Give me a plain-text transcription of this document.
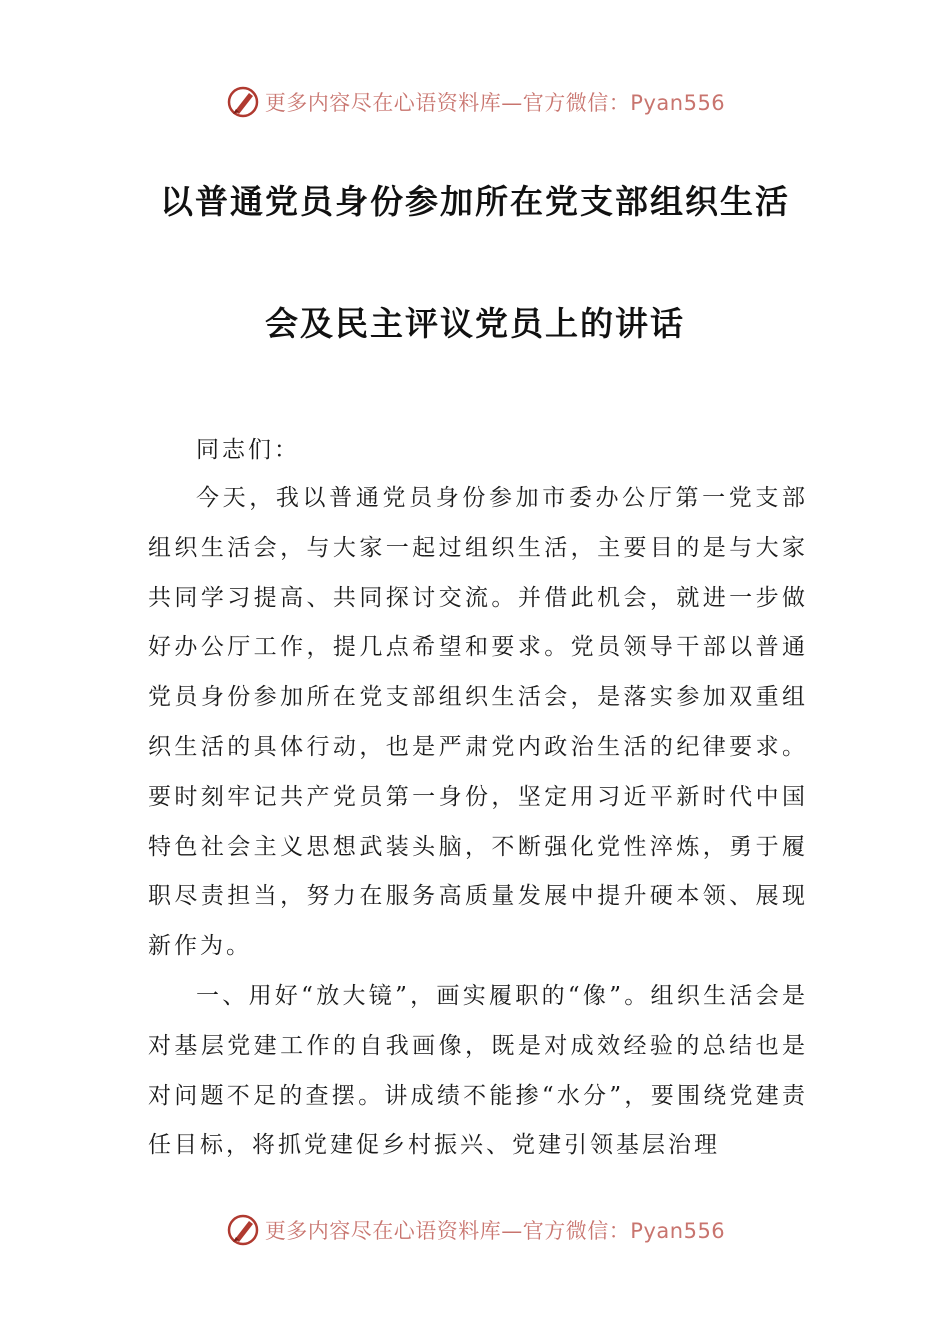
更多内容尽在心语资料库—官方微信：Pyan556
以普通党员身份参加所在党支部组织生活
会及民主评议党员上的讲话
同志们：

今天，我以普通党员身份参加市委办公厅第一党支部组织生活会，与大家一起过组织生活，主要目的是与大家共同学习提高、共同探讨交流。并借此机会，就进一步做好办公厅工作，提几点希望和要求。党员领导干部以普通党员身份参加所在党支部组织生活会，是落实参加双重组织生活的具体行动，也是严肃党内政治生活的纪律要求。要时刻牢记共产党员第一身份，坚定用习近平新时代中国特色社会主义思想武装头脑，不断强化党性淬炼，勇于履职尽责担当，努力在服务高质量发展中提升硬本领、展现新作为。

一、用好“放大镜”，画实履职的“像”。组织生活会是对基层党建工作的自我画像，既是对成效经验的总结也是对问题不足的查摆。讲成绩不能掺“水分”，要围绕党建责任目标，将抓党建促乡村振兴、党建引领基层治理

更多内容尽在心语资料库—官方微信：Pyan556
